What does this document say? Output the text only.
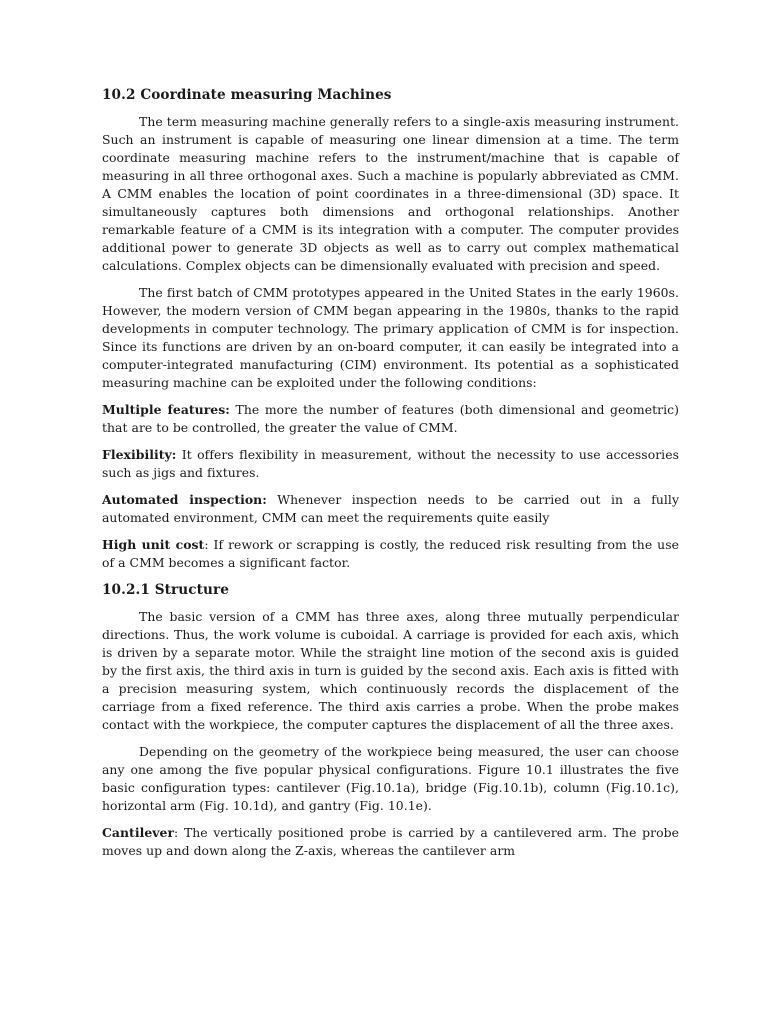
10.2 Coordinate measuring Machines

The term measuring machine generally refers to a single-axis measuring instrument. Such an instrument is capable of measuring one linear dimension at a time. The term coordinate measuring machine refers to the instrument/machine that is capable of measuring in all three orthogonal axes. Such a machine is popularly abbreviated as CMM. A CMM enables the location of point coordinates in a three-dimensional (3D) space. It simultaneously captures both dimensions and orthogonal relationships. Another remarkable feature of a CMM is its integration with a computer. The computer provides additional power to generate 3D objects as well as to carry out complex mathematical calculations. Complex objects can be dimensionally evaluated with precision and speed.

The first batch of CMM prototypes appeared in the United States in the early 1960s. However, the modern version of CMM began appearing in the 1980s, thanks to the rapid developments in computer technology. The primary application of CMM is for inspection. Since its functions are driven by an on-board computer, it can easily be integrated into a computer-integrated manufacturing (CIM) environment. Its potential as a sophisticated measuring machine can be exploited under the following conditions:

Multiple features: The more the number of features (both dimensional and geometric) that are to be controlled, the greater the value of CMM.

Flexibility: It offers flexibility in measurement, without the necessity to use accessories such as jigs and fixtures.

Automated inspection: Whenever inspection needs to be carried out in a fully automated environment, CMM can meet the requirements quite easily

High unit cost: If rework or scrapping is costly, the reduced risk resulting from the use of a CMM becomes a significant factor.

10.2.1 Structure

The basic version of a CMM has three axes, along three mutually perpendicular directions. Thus, the work volume is cuboidal. A carriage is provided for each axis, which is driven by a separate motor. While the straight line motion of the second axis is guided by the first axis, the third axis in turn is guided by the second axis. Each axis is fitted with a precision measuring system, which continuously records the displacement of the carriage from a fixed reference. The third axis carries a probe. When the probe makes contact with the workpiece, the computer captures the displacement of all the three axes.

Depending on the geometry of the workpiece being measured, the user can choose any one among the five popular physical configurations. Figure 10.1 illustrates the five basic configuration types: cantilever (Fig.10.1a), bridge (Fig.10.1b), column (Fig.10.1c), horizontal arm (Fig. 10.1d), and gantry (Fig. 10.1e).

Cantilever: The vertically positioned probe is carried by a cantilevered arm. The probe moves up and down along the Z-axis, whereas the cantilever arm
